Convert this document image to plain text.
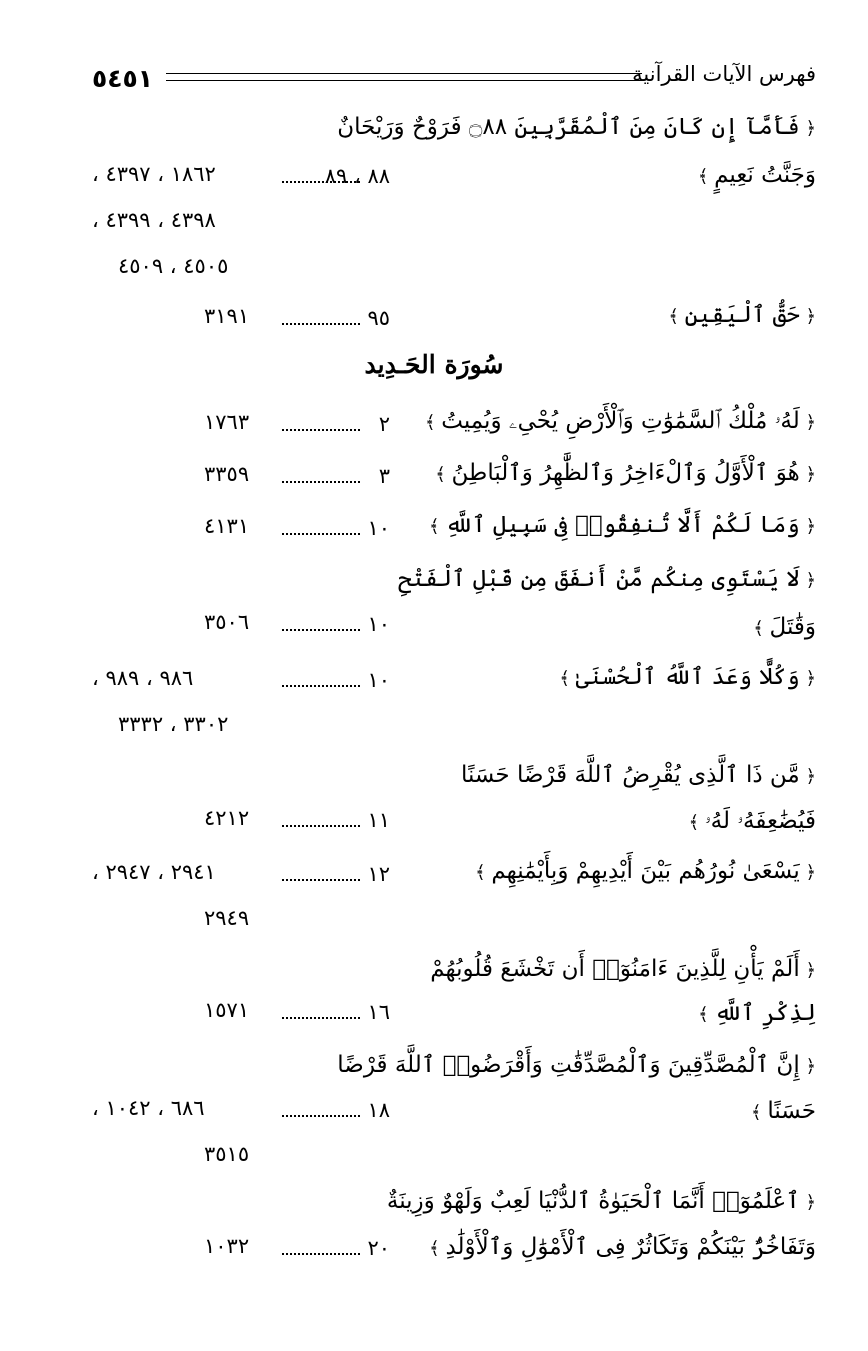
٥٤٥١	فهرس الآيات القرآنية
﴿ فَأَمَّآ إِن كَانَ مِنَ ٱلْمُقَرَّبِينَ ۝٨٨ فَرَوْحٌ وَرَيْحَانٌ
وَجَنَّتُ نَعِيمٍ ﴾
٨٨ ، ٨٩
١٨٦٢ ، ٤٣٩٧ ،
٤٣٩٨ ، ٤٣٩٩ ،
٤٥٠٥ ، ٤٥٠٩
﴿ حَقُّ ٱلْيَقِينِ ﴾
٩٥
٣١٩١
سُورَة الحَـدِيد
﴿ لَهُۥ مُلْكُ ٱلسَّمَٰوَٰتِ وَٱلْأَرْضِ يُحْىِۦ وَيُمِيتُ ﴾
٢
١٧٦٣
﴿ هُوَ ٱلْأَوَّلُ وَٱلْءَاخِرُ وَٱلظَّٰهِرُ وَٱلْبَاطِنُ ﴾
٣
٣٣٥٩
﴿ وَمَا لَكُمْ أَلَّا تُنفِقُوا۟ فِى سَبِيلِ ٱللَّهِ ﴾
١٠
٤١٣١
﴿ لَا يَسْتَوِى مِنكُم مَّنْ أَنفَقَ مِن قَبْلِ ٱلْفَتْحِ
وَقَٰتَلَ ﴾
١٠
٣٥٠٦
﴿ وَكُلًّا وَعَدَ ٱللَّهُ ٱلْحُسْنَىٰ ﴾
١٠
٩٨٦ ، ٩٨٩ ،
٣٣٠٢ ، ٣٣٣٢
﴿ مَّن ذَا ٱلَّذِى يُقْرِضُ ٱللَّهَ قَرْضًا حَسَنًا
فَيُضَٰعِفَهُۥ لَهُۥ ﴾
١١
٤٢١٢
﴿ يَسْعَىٰ نُورُهُم بَيْنَ أَيْدِيهِمْ وَبِأَيْمَٰنِهِم ﴾
١٢
٢٩٤١ ، ٢٩٤٧ ،
٢٩٤٩
﴿ أَلَمْ يَأْنِ لِلَّذِينَ ءَامَنُوٓا۟ أَن تَخْشَعَ قُلُوبُهُمْ
لِذِكْرِ ٱللَّهِ ﴾
١٦
١٥٧١
﴿ إِنَّ ٱلْمُصَّدِّقِينَ وَٱلْمُصَّدِّقَٰتِ وَأَقْرَضُوا۟ ٱللَّهَ قَرْضًا
حَسَنًا ﴾
١٨
٦٨٦ ، ١٠٤٢ ،
٣٥١٥
﴿ ٱعْلَمُوٓا۟ أَنَّمَا ٱلْحَيَوٰةُ ٱلدُّنْيَا لَعِبٌ وَلَهْوٌ وَزِينَةٌ
وَتَفَاخُرٌۢ بَيْنَكُمْ وَتَكَاثُرٌ فِى ٱلْأَمْوَٰلِ وَٱلْأَوْلَٰدِ ﴾
٢٠
١٠٣٢
